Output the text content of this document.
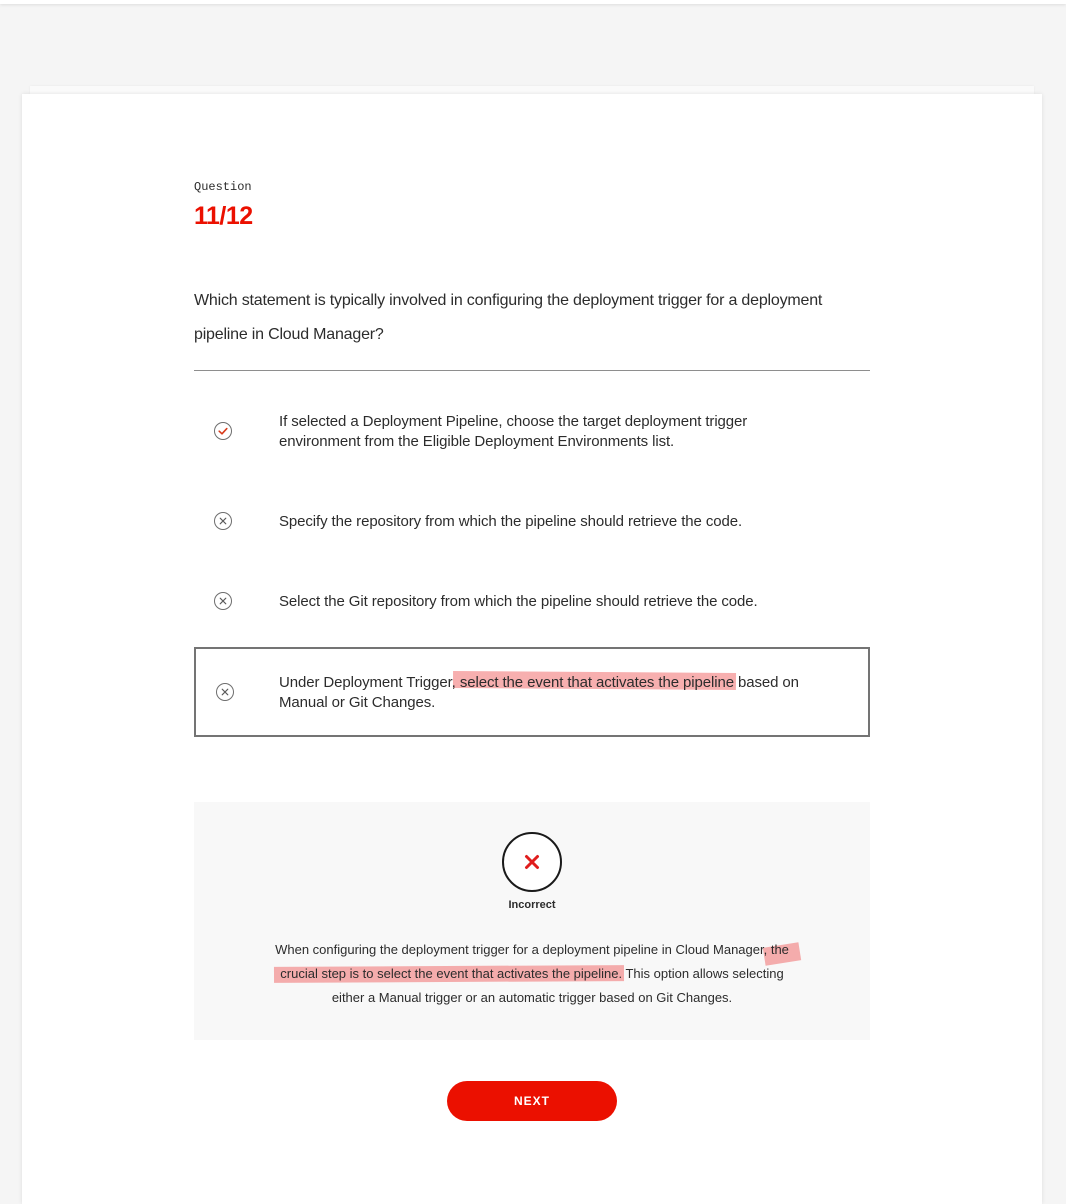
Question
11/12
Which statement is typically involved in configuring the deployment trigger for a deployment pipeline in Cloud Manager?
If selected a Deployment Pipeline, choose the target deployment trigger environment from the Eligible Deployment Environments list.
Specify the repository from which the pipeline should retrieve the code.
Select the Git repository from which the pipeline should retrieve the code.
Under Deployment Trigger, select the event that activates the pipeline based on Manual or Git Changes.
Incorrect
When configuring the deployment trigger for a deployment pipeline in Cloud Manager, the crucial step is to select the event that activates the pipeline. This option allows selecting either a Manual trigger or an automatic trigger based on Git Changes.
NEXT
